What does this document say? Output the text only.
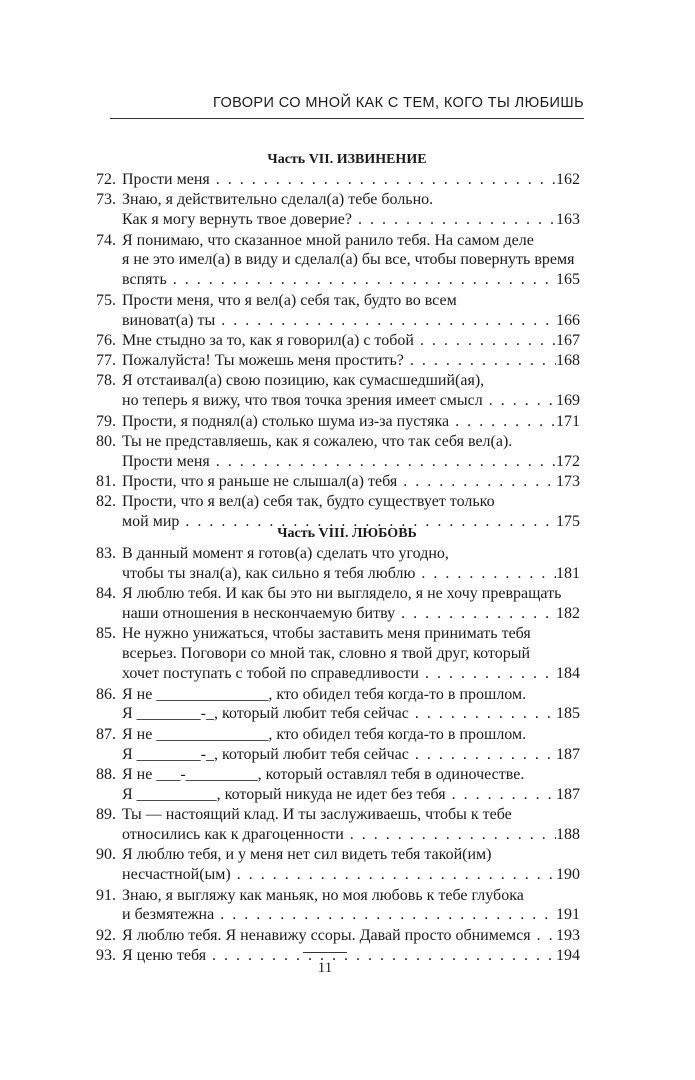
ГОВОРИ СО МНОЙ КАК С ТЕМ, КОГО ТЫ ЛЮБИШЬ
Часть VII. ИЗВИНЕНИЕ
72. Прости меня . . .	162
73. Знаю, я действительно сделал(а) тебе больно.
Как я могу вернуть твое доверие? . . .	163
74. Я понимаю, что сказанное мной ранило тебя. На самом деле
я не это имел(а) в виду и сделал(а) бы все, чтобы повернуть время
вспять . . .	165
75. Прости меня, что я вел(а) себя так, будто во всем
виноват(а) ты . . .	166
76. Мне стыдно за то, как я говорил(а) с тобой . . .	167
77. Пожалуйста! Ты можешь меня простить? . . .	168
78. Я отстаивал(а) свою позицию, как сумасшедший(ая),
но теперь я вижу, что твоя точка зрения имеет смысл . . .	169
79. Прости, я поднял(а) столько шума из-за пустяка . . .	171
80. Ты не представляешь, как я сожалею, что так себя вел(а).
Прости меня . . .	172
81. Прости, что я раньше не слышал(а) тебя . . .	173
82. Прости, что я вел(а) себя так, будто существует только
мой мир . . .	175
Часть VIII. ЛЮБОВЬ
83. В данный момент я готов(а) сделать что угодно,
чтобы ты знал(а), как сильно я тебя люблю . . .	181
84. Я люблю тебя. И как бы это ни выглядело, я не хочу превращать
наши отношения в нескончаемую битву . . .	182
85. Не нужно унижаться, чтобы заставить меня принимать тебя
всерьез. Поговори со мной так, словно я твой друг, который
хочет поступать с тобой по справедливости . . .	184
86. Я не ______________, кто обидел тебя когда-то в прошлом.
Я ________-_, который любит тебя сейчас . . .	185
87. Я не ______________, кто обидел тебя когда-то в прошлом.
Я ________-_, который любит тебя сейчас . . .	187
88. Я не ___-_________, который оставлял тебя в одиночестве.
Я __________, который никуда не идет без тебя . . .	187
89. Ты — настоящий клад. И ты заслуживаешь, чтобы к тебе
относились как к драгоценности . . .	188
90. Я люблю тебя, и у меня нет сил видеть тебя такой(им)
несчастной(ым) . . .	190
91. Знаю, я выгляжу как маньяк, но моя любовь к тебе глубока
и безмятежна . . .	191
92. Я люблю тебя. Я ненавижу ссоры. Давай просто обнимемся . . . 193
93. Я ценю тебя . . .	194
11
